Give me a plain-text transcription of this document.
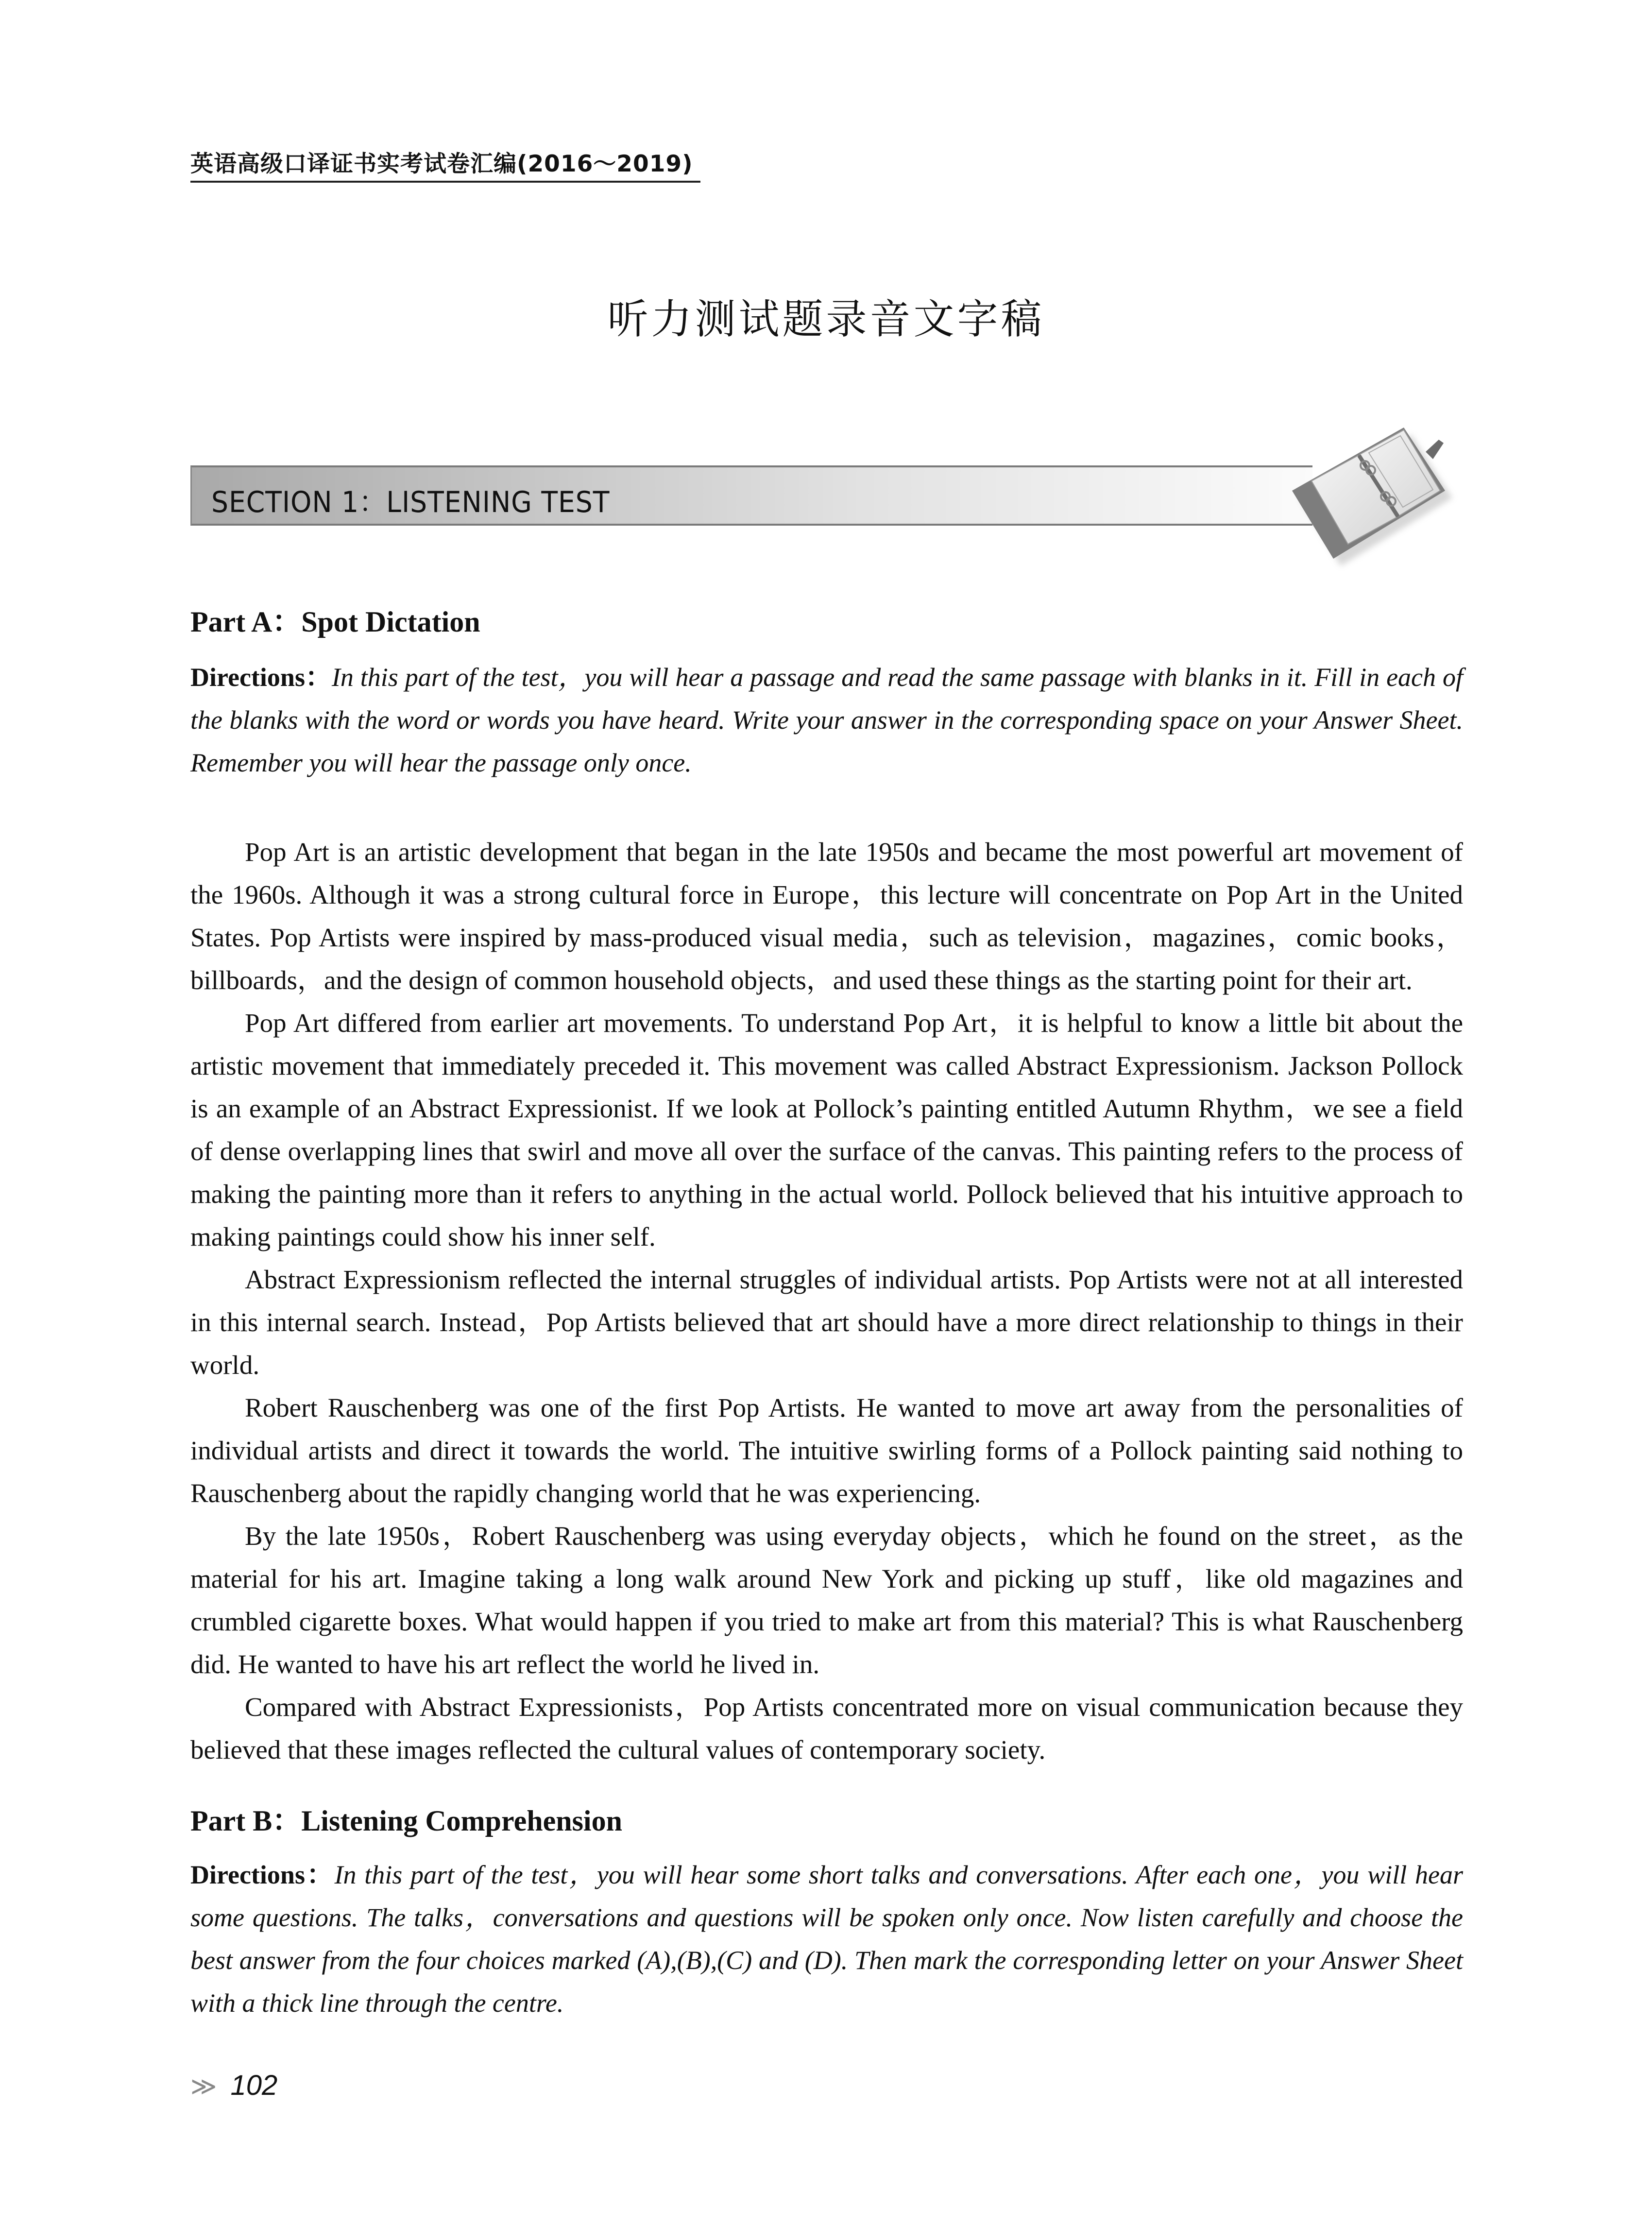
英语高级口译证书实考试卷汇编(2016～2019)
听力测试题录音文字稿
SECTION 1：LISTENING TEST
Part A：Spot Dictation
Directions：In this part of the test，you will hear a passage and read the same passage with blanks in it. Fill in each of the blanks with the word or words you have heard. Write your answer in the corresponding space on your Answer Sheet. Remember you will hear the passage only once.

Pop Art is an artistic development that began in the late 1950s and became the most powerful art movement of the 1960s. Although it was a strong cultural force in Europe，this lecture will concentrate on Pop Art in the United States. Pop Artists were inspired by mass-produced visual media，such as television，magazines，comic books，billboards，and the design of common household objects，and used these things as the starting point for their art.

Pop Art differed from earlier art movements. To understand Pop Art，it is helpful to know a little bit about the artistic movement that immediately preceded it. This movement was called Abstract Expressionism. Jackson Pollock is an example of an Abstract Expressionist. If we look at Pollock’s painting entitled Autumn Rhythm，we see a field of dense overlapping lines that swirl and move all over the surface of the canvas. This painting refers to the process of making the painting more than it refers to anything in the actual world. Pollock believed that his intuitive approach to making paintings could show his inner self.

Abstract Expressionism reflected the internal struggles of individual artists. Pop Artists were not at all interested in this internal search. Instead，Pop Artists believed that art should have a more direct relationship to things in their world.

Robert Rauschenberg was one of the first Pop Artists. He wanted to move art away from the personalities of individual artists and direct it towards the world. The intuitive swirling forms of a Pollock painting said nothing to Rauschenberg about the rapidly changing world that he was experiencing.

By the late 1950s，Robert Rauschenberg was using everyday objects，which he found on the street，as the material for his art. Imagine taking a long walk around New York and picking up stuff，like old magazines and crumbled cigarette boxes. What would happen if you tried to make art from this material? This is what Rauschenberg did. He wanted to have his art reflect the world he lived in.

Compared with Abstract Expressionists，Pop Artists concentrated more on visual communication because they believed that these images reflected the cultural values of contemporary society.

Part B：Listening Comprehension
Directions：In this part of the test，you will hear some short talks and conversations. After each one，you will hear some questions. The talks，conversations and questions will be spoken only once. Now listen carefully and choose the best answer from the four choices marked (A),(B),(C) and (D). Then mark the corresponding letter on your Answer Sheet with a thick line through the centre.
≫ 102
